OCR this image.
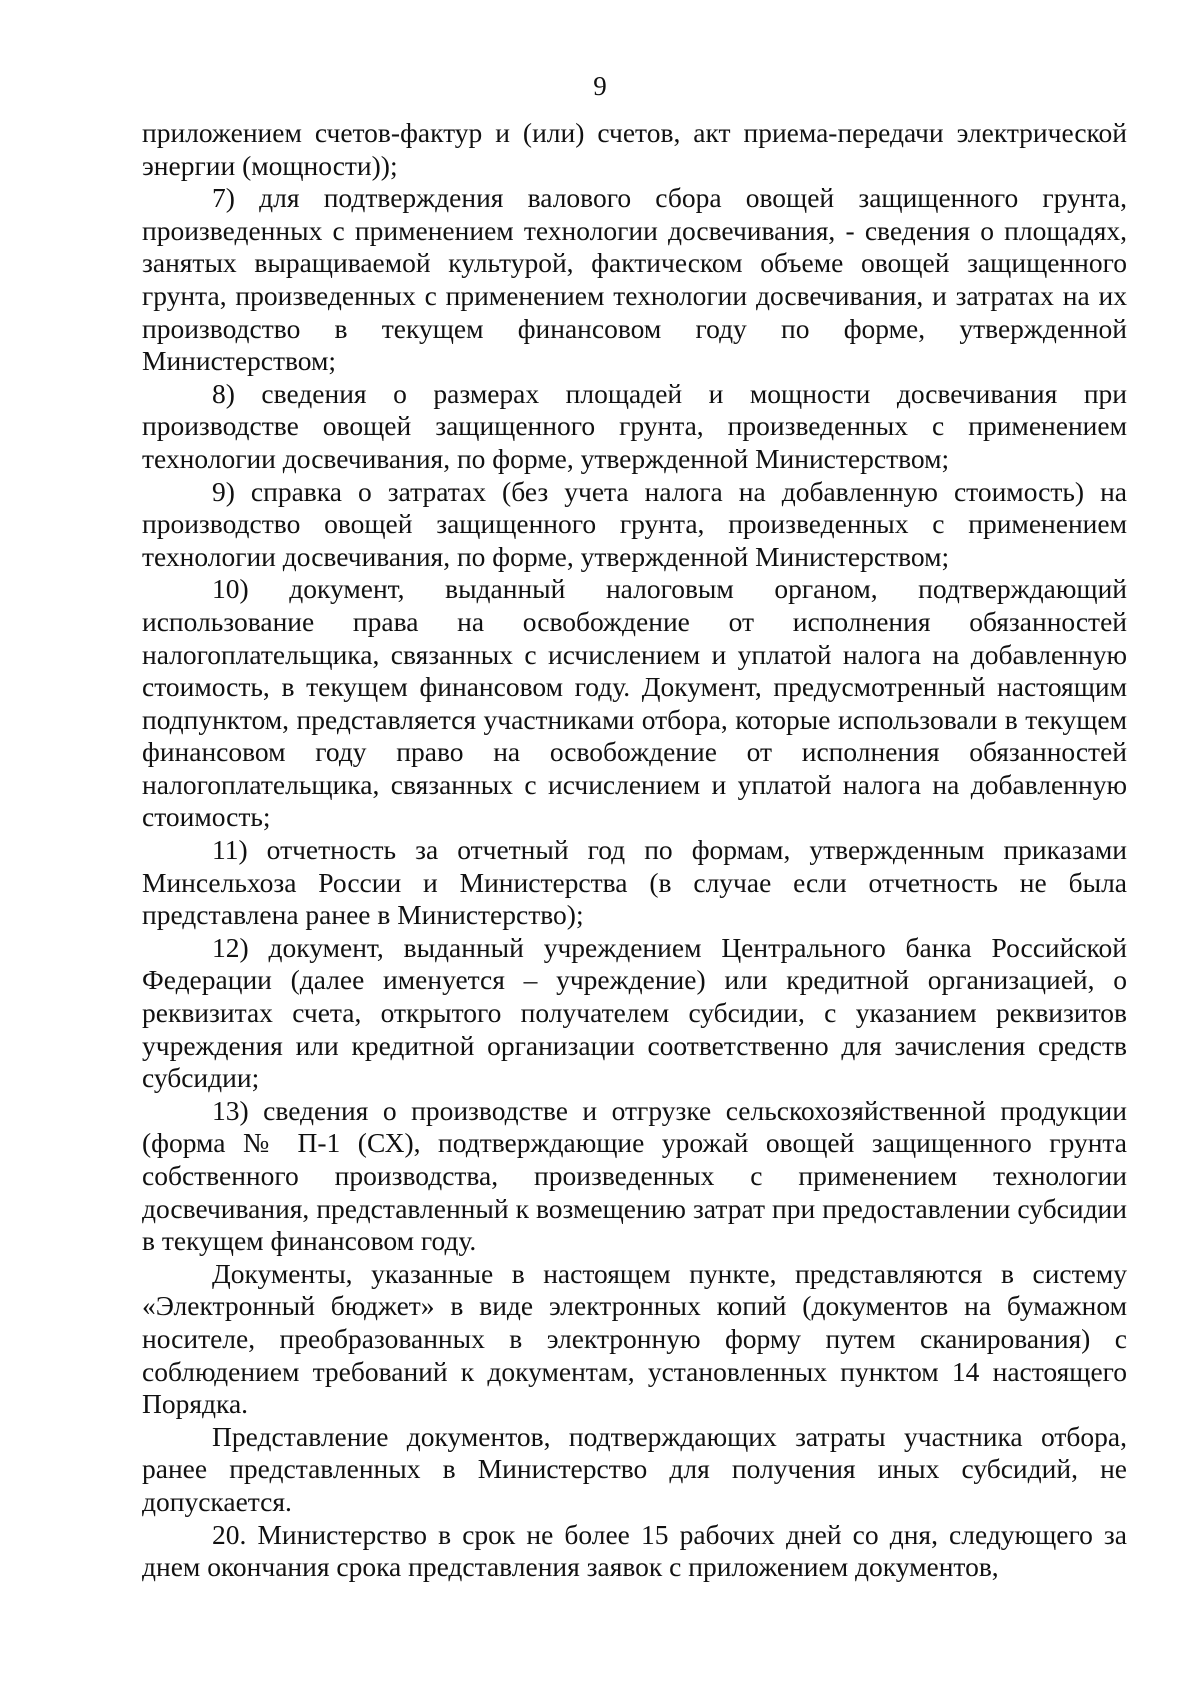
9

приложением счетов-фактур и (или) счетов, акт приема-передачи электрической энергии (мощности));

7) для подтверждения валового сбора овощей защищенного грунта, произведенных с применением технологии досвечивания, - сведения о площадях, занятых выращиваемой культурой, фактическом объеме овощей защищенного грунта, произведенных с применением технологии досвечивания, и затратах на их производство в текущем финансовом году по форме, утвержденной Министерством;

8) сведения о размерах площадей и мощности досвечивания при производстве овощей защищенного грунта, произведенных с применением технологии досвечивания, по форме, утвержденной Министерством;

9) справка о затратах (без учета налога на добавленную стоимость) на производство овощей защищенного грунта, произведенных с применением технологии досвечивания, по форме, утвержденной Министерством;

10) документ, выданный налоговым органом, подтверждающий использование права на освобождение от исполнения обязанностей налогоплательщика, связанных с исчислением и уплатой налога на добавленную стоимость, в текущем финансовом году. Документ, предусмотренный настоящим подпунктом, представляется участниками отбора, которые использовали в текущем финансовом году право на освобождение от исполнения обязанностей налогоплательщика, связанных с исчислением и уплатой налога на добавленную стоимость;

11) отчетность за отчетный год по формам, утвержденным приказами Минсельхоза России и Министерства (в случае если отчетность не была представлена ранее в Министерство);

12) документ, выданный учреждением Центрального банка Российской Федерации (далее именуется – учреждение) или кредитной организацией, о реквизитах счета, открытого получателем субсидии, с указанием реквизитов учреждения или кредитной организации соответственно для зачисления средств субсидии;

13) сведения о производстве и отгрузке сельскохозяйственной продукции (форма № П-1 (СХ), подтверждающие урожай овощей защищенного грунта собственного производства, произведенных с применением технологии досвечивания, представленный к возмещению затрат при предоставлении субсидии в текущем финансовом году.

Документы, указанные в настоящем пункте, представляются в систему «Электронный бюджет» в виде электронных копий (документов на бумажном носителе, преобразованных в электронную форму путем сканирования) с соблюдением требований к документам, установленных пунктом 14 настоящего Порядка.

Представление документов, подтверждающих затраты участника отбора, ранее представленных в Министерство для получения иных субсидий, не допускается.

20. Министерство в срок не более 15 рабочих дней со дня, следующего за днем окончания срока представления заявок с приложением документов,
